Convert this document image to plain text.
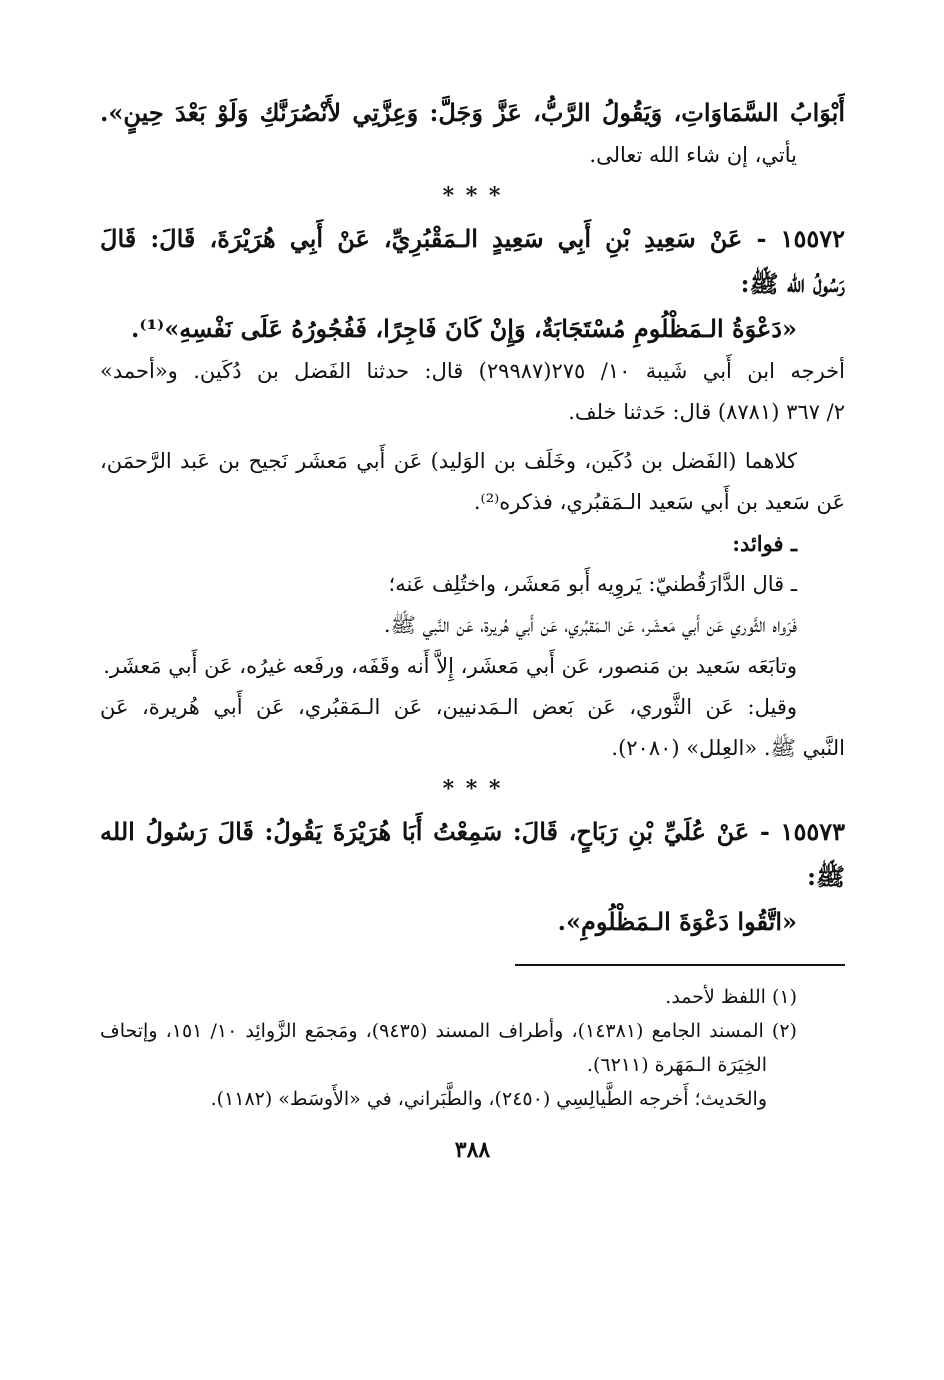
أَبْوَابُ السَّمَاوَاتِ، وَيَقُولُ الرَّبُّ، عَزَّ وَجَلَّ: وَعِزَّتِي لأَنْصُرَنَّكِ وَلَوْ بَعْدَ حِينٍ».
يأتي، إن شاء الله تعالى.
* * *
١٥٥٧٢ - عَنْ سَعِيدِ بْنِ أَبِي سَعِيدٍ الـمَقْبُرِيِّ، عَنْ أَبِي هُرَيْرَةَ، قَالَ: قَالَ
رَسُولُ الله ﷺ:
«دَعْوَةُ الـمَظْلُومِ مُسْتَجَابَةٌ، وَإِنْ كَانَ فَاجِرًا، فَفُجُورُهُ عَلَى نَفْسِهِ»⁽¹⁾.
أخرجه ابن أَبي شَيبة ١٠/ ٢٧٥(٢٩٩٨٧) قال: حدثنا الفَضل بن دُكَين. و«أحمد»
٢/ ٣٦٧ (٨٧٨١) قال: حَدثنا خلف.
كلاهما (الفَضل بن دُكَين، وخَلَف بن الوَليد) عَن أَبي مَعشَر نَجيح بن عَبد الرَّحمَن،
عَن سَعيد بن أَبي سَعيد الـمَقبُري، فذكره⁽²⁾.
ـ فوائد:
ـ قال الدَّارَقُطنيّ: يَروِيه أَبو مَعشَر، واختُلِف عَنه؛
فَرَواه الثَّوري عَن أَبي مَعشَر، عَن الـمَقبُري، عَن أَبي هُريرة، عَن النَّبي ﷺ.
وتابَعَه سَعيد بن مَنصور، عَن أَبي مَعشَر، إِلاَّ أَنه وقَفَه، ورفَعه غيرُه، عَن أَبي مَعشَر.
وقيل: عَن الثَّوري، عَن بَعض الـمَدنيين، عَن الـمَقبُري، عَن أَبي هُريرة، عَن
النَّبي ﷺ. «العِلل» (٢٠٨٠).
* * *
١٥٥٧٣ - عَنْ عُلَيِّ بْنِ رَبَاحٍ، قَالَ: سَمِعْتُ أَبَا هُرَيْرَةَ يَقُولُ: قَالَ رَسُولُ الله
ﷺ:
«اتَّقُوا دَعْوَةَ الـمَظْلُومِ».
(١) اللفظ لأحمد.
(٢) المسند الجامع (١٤٣٨١)، وأطراف المسند (٩٤٣٥)، ومَجمَع الزَّوائِد ١٠/ ١٥١، وإتحاف
الخِيَرَة الـمَهَرة (٦٢١١).
والحَديث؛ أَخرجه الطَّيالِسِي (٢٤٥٠)، والطَّبَراني، في «الأَوسَط» (١١٨٢).
٣٨٨
